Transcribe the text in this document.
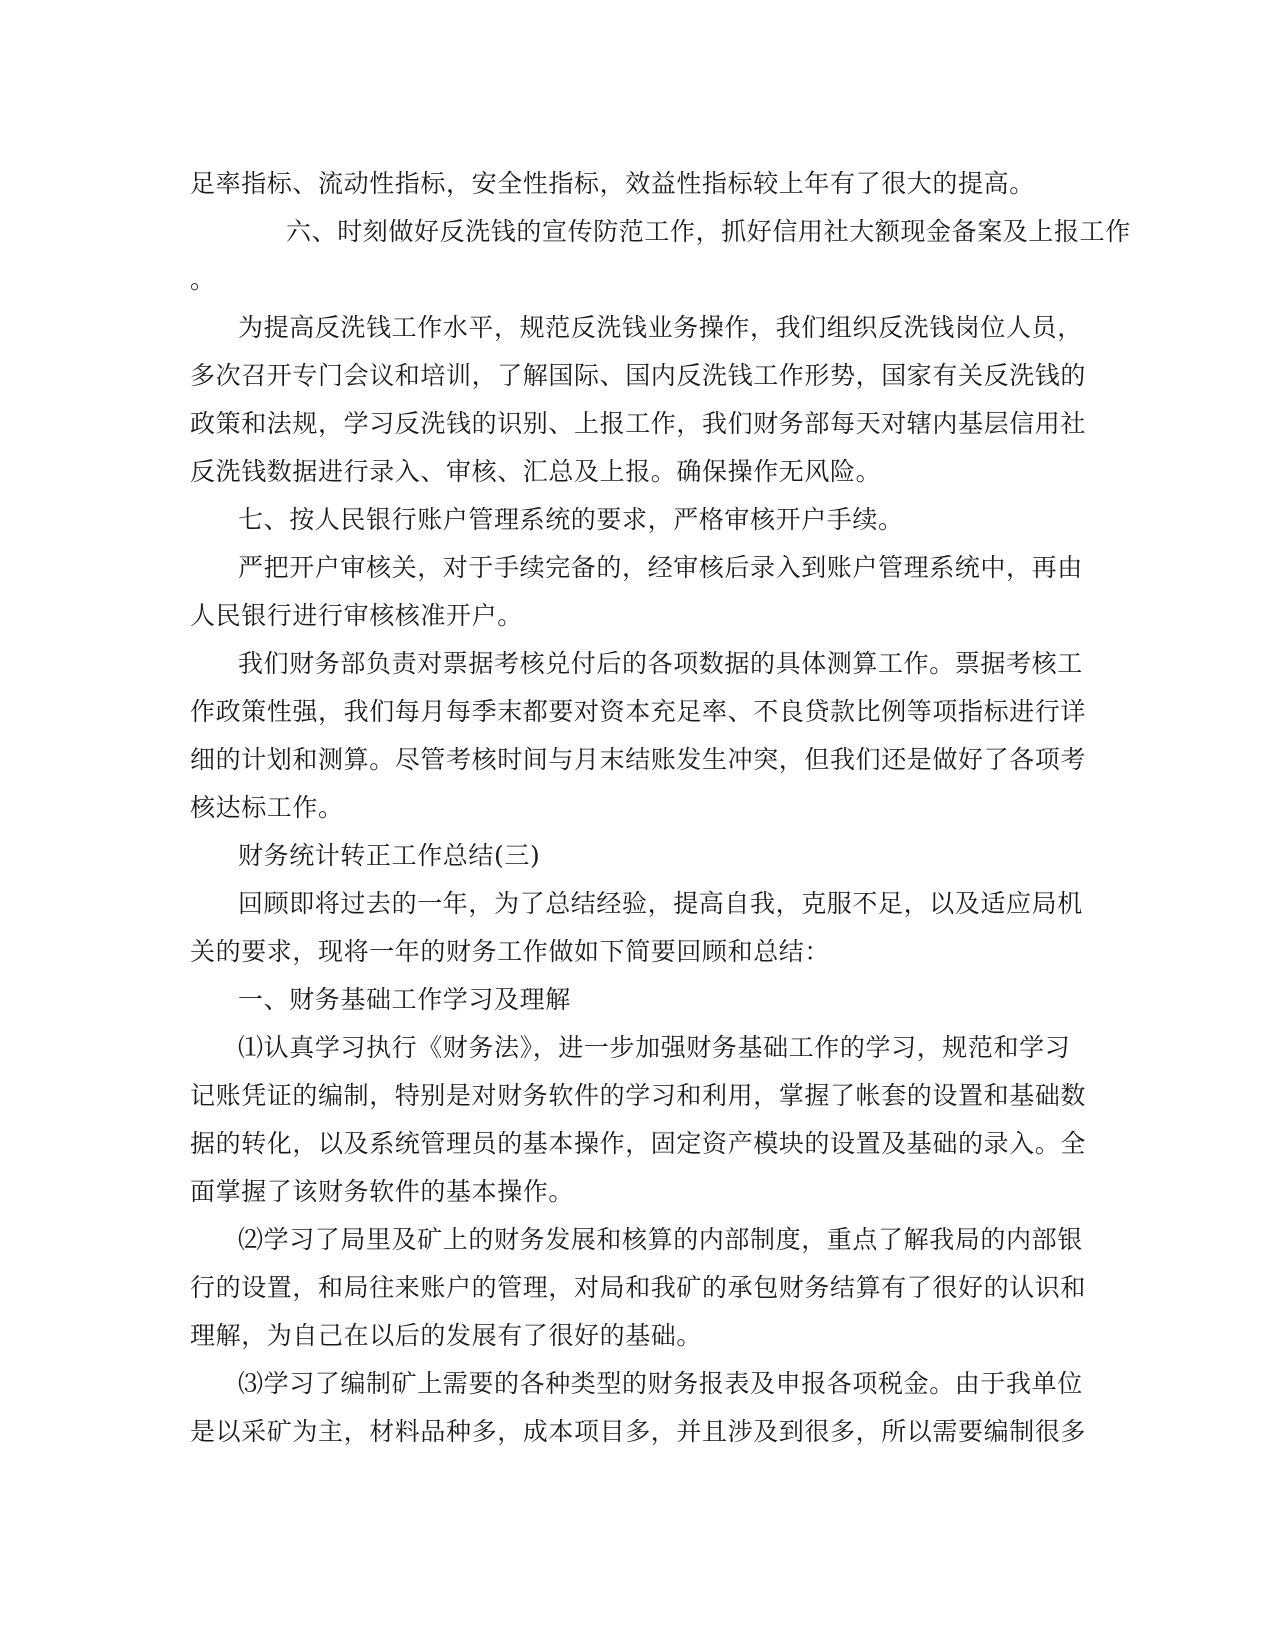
足率指标、流动性指标，安全性指标，效益性指标较上年有了很大的提高。
六、时刻做好反洗钱的宣传防范工作，抓好信用社大额现金备案及上报工作
。
为提高反洗钱工作水平，规范反洗钱业务操作，我们组织反洗钱岗位人员，
多次召开专门会议和培训，了解国际、国内反洗钱工作形势，国家有关反洗钱的
政策和法规，学习反洗钱的识别、上报工作，我们财务部每天对辖内基层信用社
反洗钱数据进行录入、审核、汇总及上报。确保操作无风险。
七、按人民银行账户管理系统的要求，严格审核开户手续。
严把开户审核关，对于手续完备的，经审核后录入到账户管理系统中，再由
人民银行进行审核核准开户。
我们财务部负责对票据考核兑付后的各项数据的具体测算工作。票据考核工
作政策性强，我们每月每季末都要对资本充足率、不良贷款比例等项指标进行详
细的计划和测算。尽管考核时间与月末结账发生冲突，但我们还是做好了各项考
核达标工作。
财务统计转正工作总结(三)
回顾即将过去的一年，为了总结经验，提高自我，克服不足，以及适应局机
关的要求，现将一年的财务工作做如下简要回顾和总结：
一、财务基础工作学习及理解
⑴认真学习执行《财务法》，进一步加强财务基础工作的学习，规范和学习
记账凭证的编制，特别是对财务软件的学习和利用，掌握了帐套的设置和基础数
据的转化，以及系统管理员的基本操作，固定资产模块的设置及基础的录入。全
面掌握了该财务软件的基本操作。
⑵学习了局里及矿上的财务发展和核算的内部制度，重点了解我局的内部银
行的设置，和局往来账户的管理，对局和我矿的承包财务结算有了很好的认识和
理解，为自己在以后的发展有了很好的基础。
⑶学习了编制矿上需要的各种类型的财务报表及申报各项税金。由于我单位
是以采矿为主，材料品种多，成本项目多，并且涉及到很多，所以需要编制很多
